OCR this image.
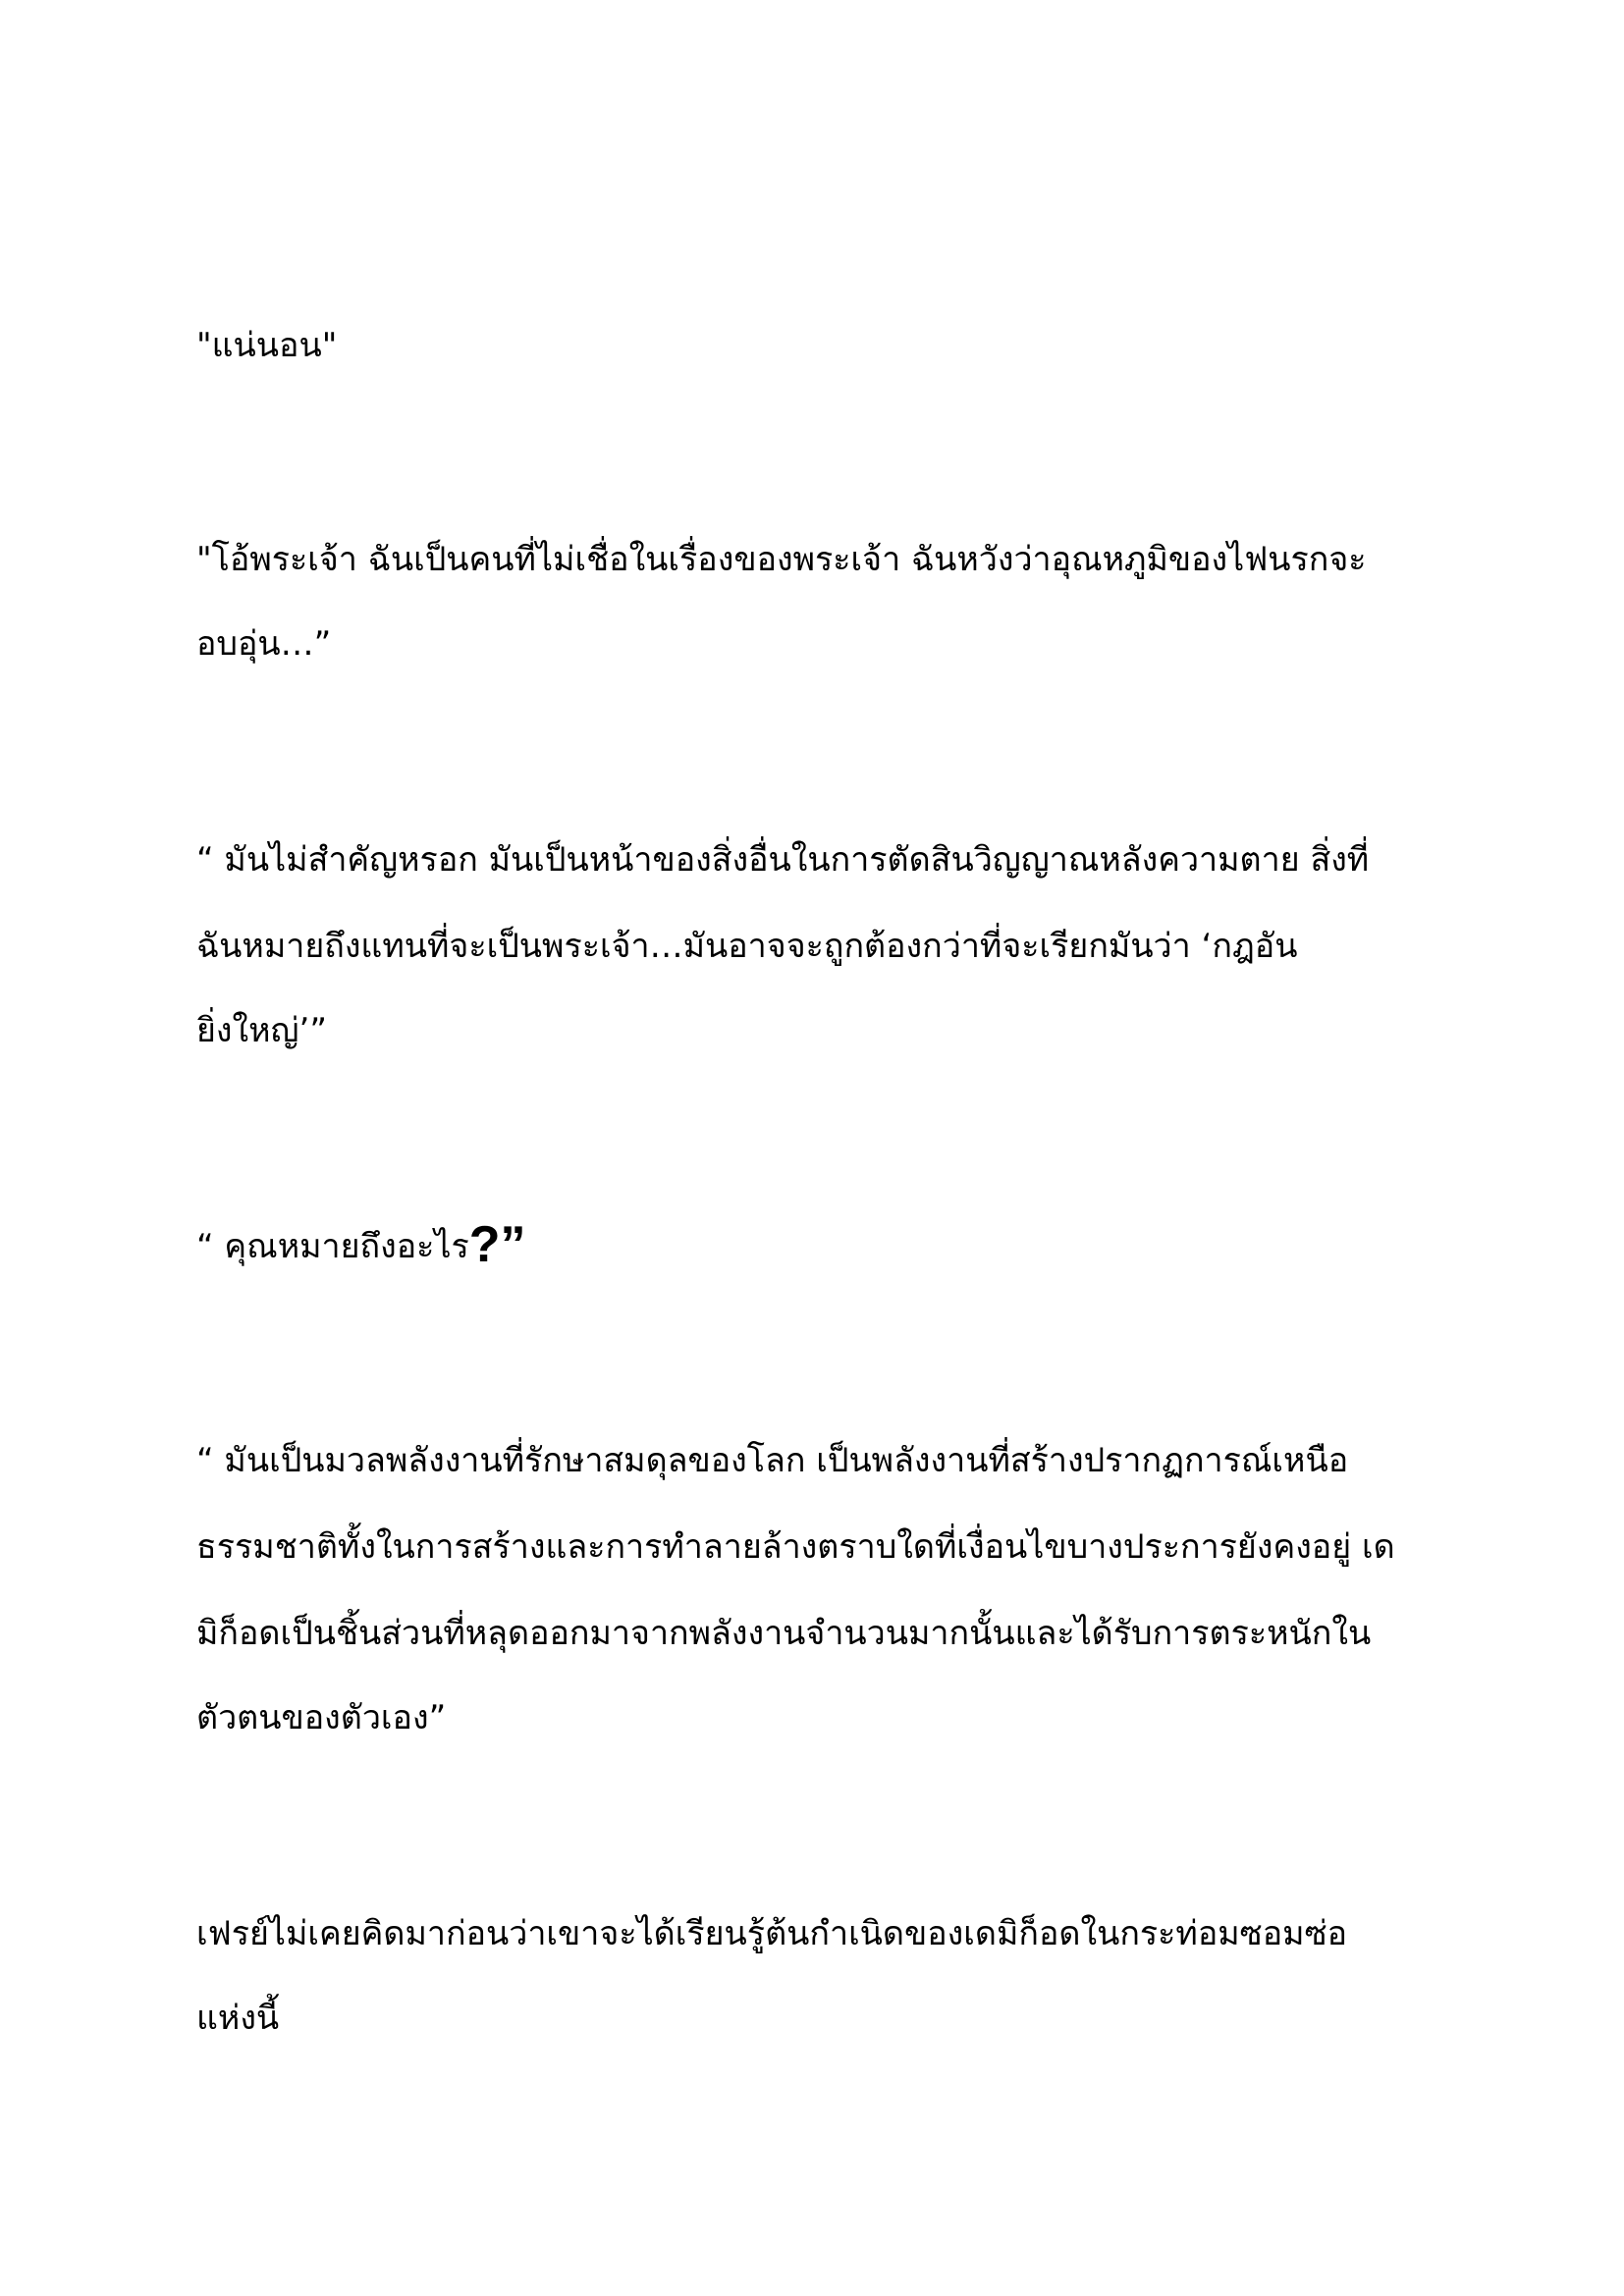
"แน่นอน"

"โอ้พระเจ้า ฉันเป็นคนที่ไม่เชื่อในเรื่องของพระเจ้า ฉันหวังว่าอุณหภูมิของไฟนรกจะ

อบอุ่น…”

“ มันไม่สำคัญหรอก มันเป็นหน้าของสิ่งอื่นในการตัดสินวิญญาณหลังความตาย สิ่งที่

ฉันหมายถึงแทนที่จะเป็นพระเจ้า…มันอาจจะถูกต้องกว่าที่จะเรียกมันว่า ‘กฎอัน

ยิ่งใหญ่’”

“ คุณหมายถึงอะไร?”

“ มันเป็นมวลพลังงานที่รักษาสมดุลของโลก เป็นพลังงานที่สร้างปรากฏการณ์เหนือ

ธรรมชาติทั้งในการสร้างและการทำลายล้างตราบใดที่เงื่อนไขบางประการยังคงอยู่ เด

มิก็อดเป็นชิ้นส่วนที่หลุดออกมาจากพลังงานจำนวนมากนั้นและได้รับการตระหนักใน

ตัวตนของตัวเอง”

เฟรย์ไม่เคยคิดมาก่อนว่าเขาจะได้เรียนรู้ต้นกำเนิดของเดมิก็อดในกระท่อมซอมซ่อ

แห่งนี้
